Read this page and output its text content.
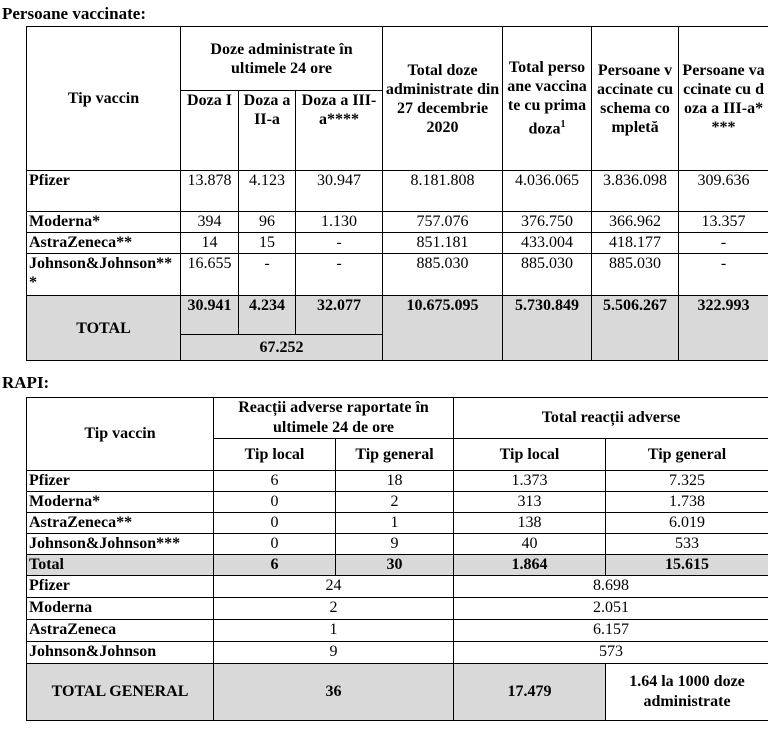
Persoane vaccinate:
Tip vaccin	Doze administrate în ultimele 24 ore			Total doze administrate din 27 decembrie 2020	Total persoane vaccinate cu prima doza$^1$	Persoane vaccinate cu schema completă	Persoane vaccinate cu doza a III-a****
	Doza I	Doza a II-a	Doza a III-a****				
Pfizer	13.878	4.123	30.947	8.181.808	4.036.065	3.836.098	309.636
Moderna*	394	96	1.130	757.076	376.750	366.962	13.357
AstraZeneca**	14	15	-	851.181	433.004	418.177	-
Johnson&Johnson***	16.655	-	-	885.030	885.030	885.030	-
TOTAL	30.941	4.234	32.077	10.675.095	5.730.849	5.506.267	322.993
	67.252						
RAPI:
Tip vaccin	Reacții adverse raportate în ultimele 24 de ore		Total reacții adverse	
	Tip local	Tip general	Tip local	Tip general
Pfizer	6	18	1.373	7.325
Moderna*	0	2	313	1.738
AstraZeneca**	0	1	138	6.019
Johnson&Johnson***	0	9	40	533
Total	6	30	1.864	15.615
Pfizer	24		8.698	
Moderna	2		2.051	
AstraZeneca	1		6.157	
Johnson&Johnson	9		573	
TOTAL GENERAL	36		17.479	1.64 la 1000 doze administrate
